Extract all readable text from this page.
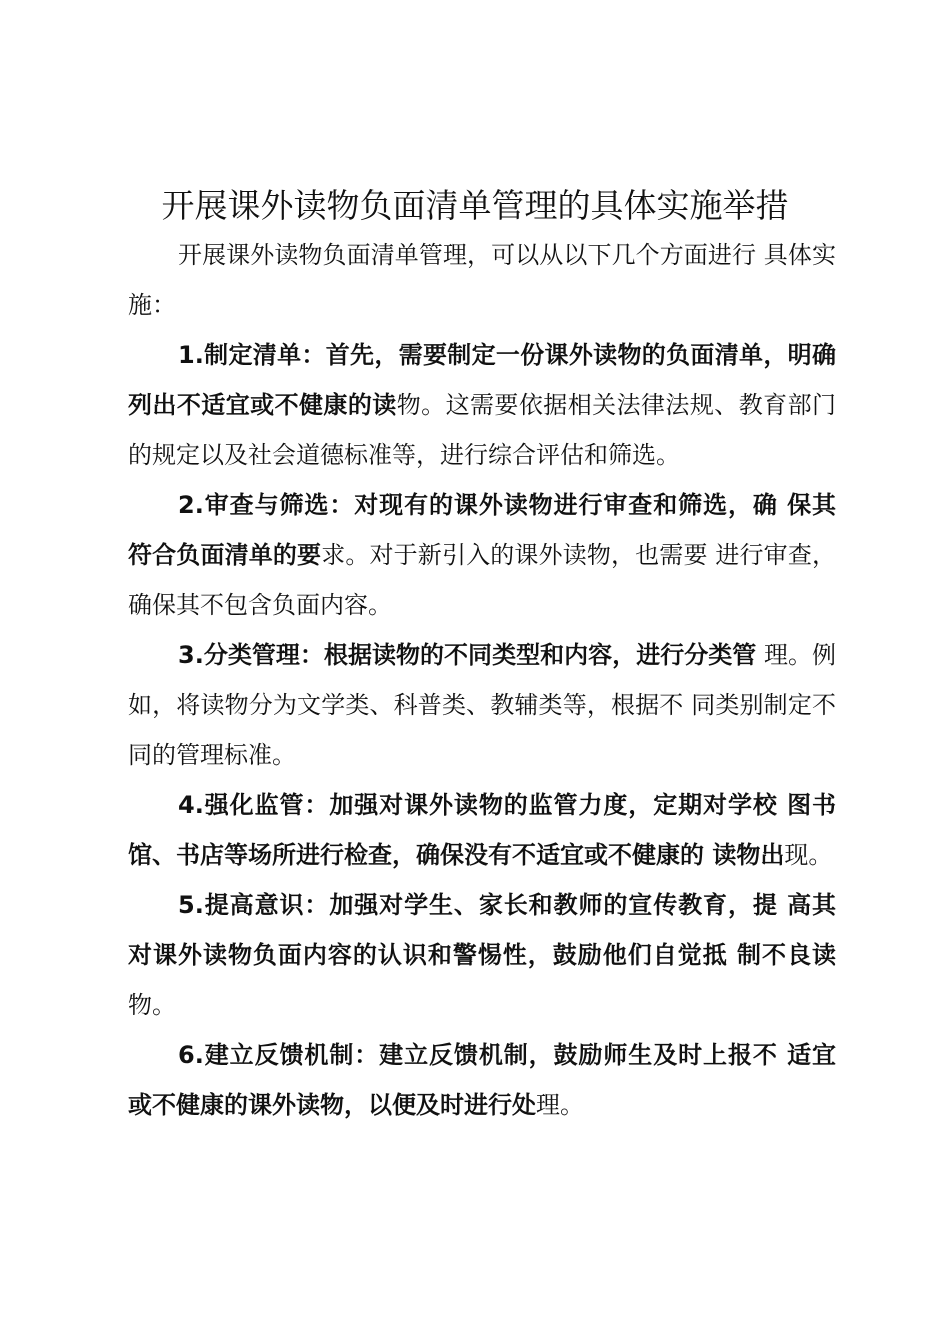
开展课外读物负面清单管理的具体实施举措

开展课外读物负面清单管理，可以从以下几个方面进行 具体实施：

1.制定清单：首先，需要制定一份课外读物的负面清单，明确列出不适宜或不健康的读物。这需要依据相关法律法规、教育部门的规定以及社会道德标准等，进行综合评估和筛选。

2.审查与筛选：对现有的课外读物进行审查和筛选，确 保其符合负面清单的要求。对于新引入的课外读物，也需要 进行审查，确保其不包含负面内容。

3.分类管理：根据读物的不同类型和内容，进行分类管 理。例如，将读物分为文学类、科普类、教辅类等，根据不 同类别制定不同的管理标准。

4.强化监管：加强对课外读物的监管力度，定期对学校 图书馆、书店等场所进行检查，确保没有不适宜或不健康的 读物出现。

5.提高意识：加强对学生、家长和教师的宣传教育，提 高其对课外读物负面内容的认识和警惕性，鼓励他们自觉抵 制不良读物。

6.建立反馈机制：建立反馈机制，鼓励师生及时上报不 适宜或不健康的课外读物，以便及时进行处理。
